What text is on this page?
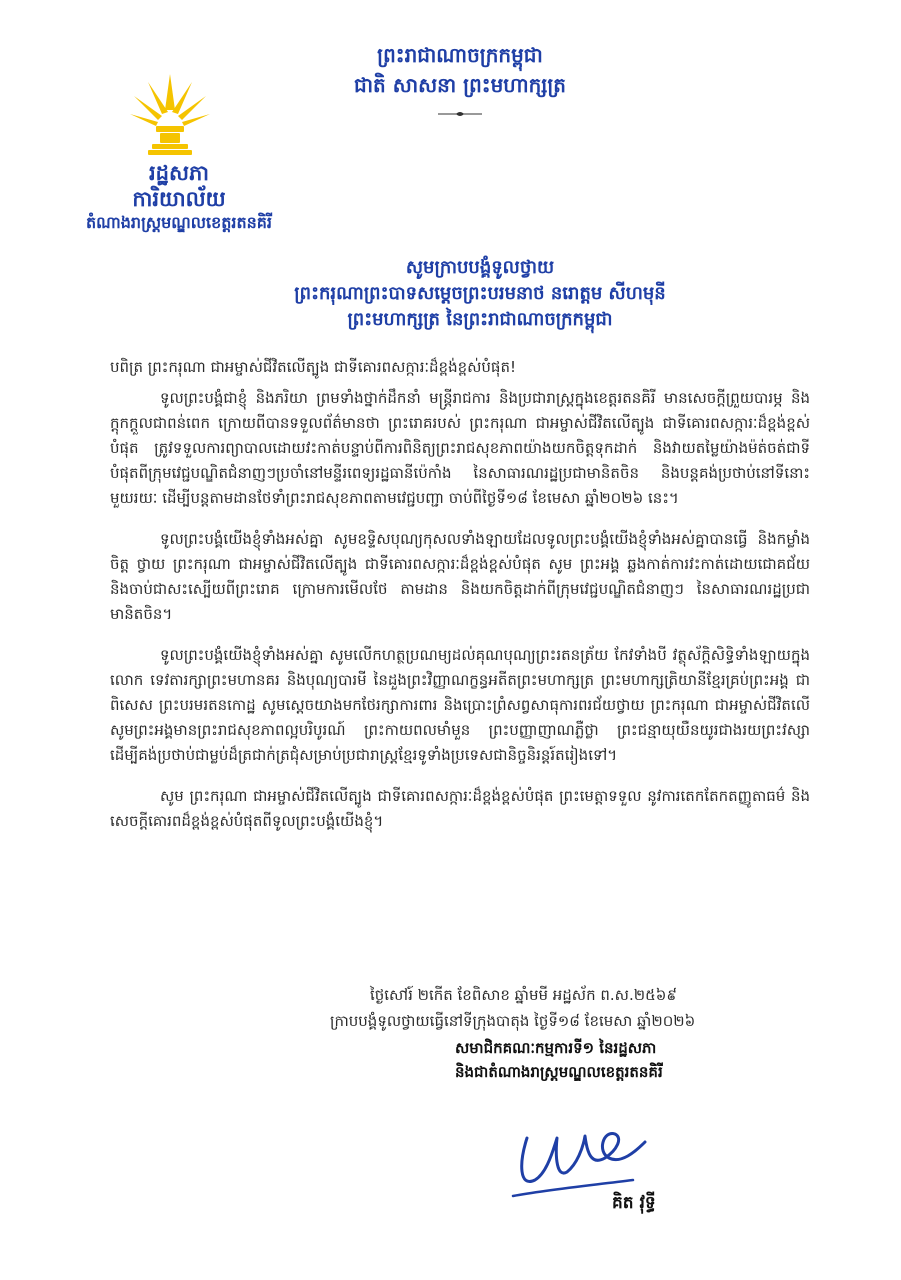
រដ្ឋសភា
ការិយាល័យ
តំណាងរាស្ត្រមណ្ឌលខេត្តរតនគិរី
ព្រះរាជាណាចក្រកម្ពុជា
ជាតិ សាសនា ព្រះមហាក្សត្រ
សូមក្រាបបង្គំទូលថ្វាយ
ព្រះករុណាព្រះបាទសម្ដេចព្រះបរមនាថ នរោត្តម សីហមុនី
ព្រះមហាក្សត្រ នៃព្រះរាជាណាចក្រកម្ពុជា

បពិត្រ ព្រះករុណា ជាអម្ចាស់ជីវិតលើត្បូង ជាទីគោរពសក្ការៈដ៏ខ្ពង់ខ្ពស់បំផុត!

ទូលព្រះបង្គំជាខ្ញុំ និងភរិយា ព្រមទាំងថ្នាក់ដឹកនាំ មន្ត្រីរាជការ និងប្រជារាស្ត្រក្នុងខេត្តរតនគិរី មានសេចក្តីព្រួយបារម្ភ និងក្តុកក្តួលជាពន់ពេក ក្រោយពីបានទទួលព័ត៌មានថា ព្រះរោគរបស់ ព្រះករុណា ជាអម្ចាស់ជីវិតលើត្បូង ជាទីគោរពសក្ការៈដ៏ខ្ពង់ខ្ពស់បំផុត ត្រូវទទួលការព្យាបាលដោយវះកាត់បន្ទាប់ពីការពិនិត្យព្រះរាជសុខភាពយ៉ាងយកចិត្តទុកដាក់ និងវាយតម្លៃយ៉ាងម៉ត់ចត់ជាទីបំផុតពីក្រុមវេជ្ជបណ្ឌិតជំនាញៗប្រចាំនៅមន្ទីរពេទ្យរដ្ឋធានីប៉េកាំង នៃសាធារណរដ្ឋប្រជាមានិតចិន និងបន្តគង់ប្រថាប់នៅទីនោះមួយរយៈ ដើម្បីបន្តតាមដានថែទាំព្រះរាជសុខភាពតាមវេជ្ជបញ្ជា ចាប់ពីថ្ងៃទី១៨ ខែមេសា ឆ្នាំ២០២៦ នេះ។

ទូលព្រះបង្គំយើងខ្ញុំទាំងអស់គ្នា សូមឧទ្ទិសបុណ្យកុសលទាំងឡាយដែលទូលព្រះបង្គំយើងខ្ញុំទាំងអស់គ្នាបានធ្វើ និងកម្លាំងចិត្ត ថ្វាយ ព្រះករុណា ជាអម្ចាស់ជីវិតលើត្បូង ជាទីគោរពសក្ការៈដ៏ខ្ពង់ខ្ពស់បំផុត សូម ព្រះអង្គ ឆ្លងកាត់ការវះកាត់ដោយជោគជ័យ និងចាប់ជាសះស្បើយពីព្រះរោគ ក្រោមការមើលថែ តាមដាន និងយកចិត្តដាក់ពីក្រុមវេជ្ជបណ្ឌិតជំនាញៗ នៃសាធារណរដ្ឋប្រជាមានិតចិន។

ទូលព្រះបង្គំយើងខ្ញុំទាំងអស់គ្នា សូមលើកហត្ថប្រណម្យដល់គុណបុណ្យព្រះរតនត្រ័យ កែវទាំងបី វត្ថុស័ក្តិសិទ្ធិទាំងឡាយក្នុងលោក ទេវតារក្សាព្រះមហានគរ និងបុណ្យបារមី នៃដួងព្រះវិញ្ញាណក្ខន្ធអតីតព្រះមហាក្សត្រ ព្រះមហាក្សត្រិយានីខ្មែរគ្រប់ព្រះអង្គ ជាពិសេស ព្រះបរមរតនកោដ្ឋ សូមស្ដេចយាងមកថែរក្សាការពារ និងប្រោះព្រំសព្វសាធុការពរជ័យថ្វាយ ព្រះករុណា ជាអម្ចាស់ជីវិតលើ សូមព្រះអង្គមានព្រះរាជសុខភាពល្អបរិបូរណ៍ ព្រះកាយពលមាំមួន ព្រះបញ្ញាញាណភ្លឺថ្លា ព្រះជន្មាយុយឺនយូរជាងរយព្រះវស្សា ដើម្បីគង់ប្រថាប់ជាម្លប់ដ៏ត្រជាក់ត្រជុំសម្រាប់ប្រជារាស្ត្រខ្មែរទូទាំងប្រទេសជានិច្ចនិរន្តរ៍តរៀងទៅ។

សូម ព្រះករុណា ជាអម្ចាស់ជីវិតលើត្បូង ជាទីគោរពសក្ការៈដ៏ខ្ពង់ខ្ពស់បំផុត ព្រះមេត្តាទទួល នូវការតេកតែកតញ្ញូតាធម៌ និងសេចក្ដីគោរពដ៏ខ្ពង់ខ្ពស់បំផុតពីទូលព្រះបង្គំយើងខ្ញុំ។

ថ្ងៃសៅរ៍ ២កើត ខែពិសាខ ឆ្នាំមមី អដ្ឋស័ក ព.ស.២៥៦៩
ក្រាបបង្គំទូលថ្វាយធ្វើនៅទីក្រុងបាតុង ថ្ងៃទី១៨ ខែមេសា ឆ្នាំ២០២៦
សមាជិកគណៈកម្មការទី១ នៃរដ្ឋសភា
និងជាតំណាងរាស្ត្រមណ្ឌលខេត្តរតនគិរី
គិត វុទ្ធី
